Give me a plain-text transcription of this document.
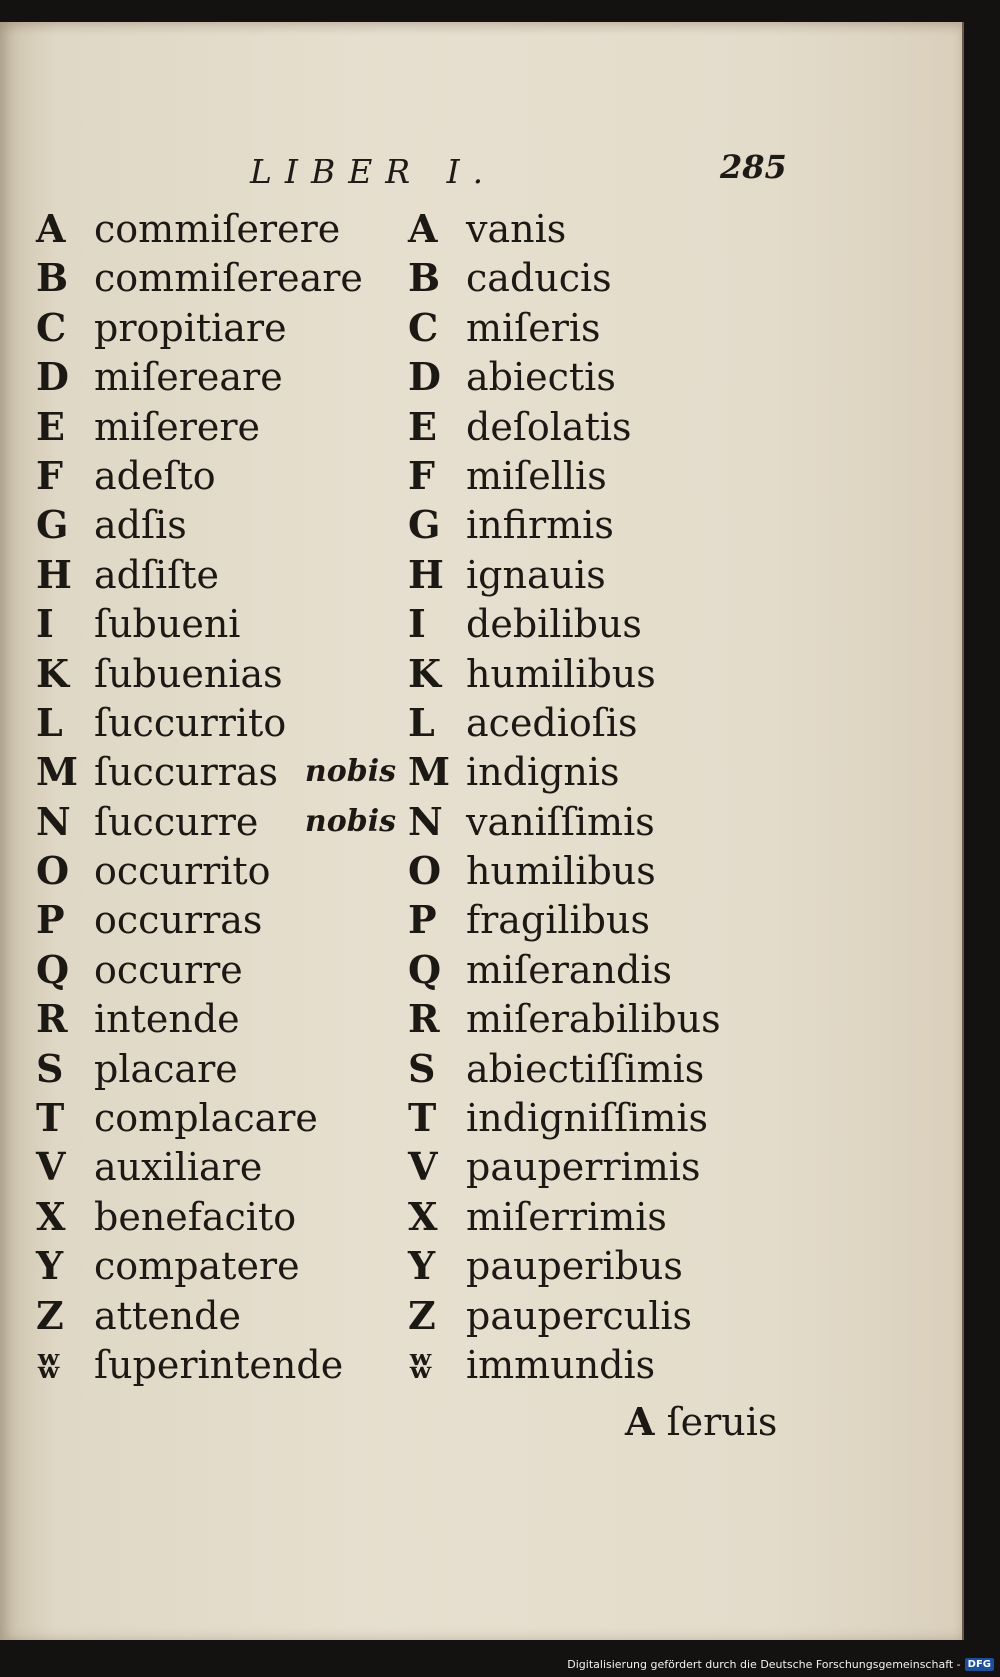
LIBER I.	285
A commiſerere
B commiſereare
C propitiare
D miſereare
E miſerere
F adeſto
G adſis
H adſiſte
I ſubueni
K ſubuenias
L ſuccurrito
M ſuccurras nobis
N ſuccurre nobis
O occurrito
P occurras
Q occurre
R intende
S placare
T complacare
V auxiliare
X benefacito
Y compatere
Z attende
ʬ ſuperintende
A vanis
B caducis
C miſeris
D abiectis
E deſolatis
F miſellis
G infirmis
H ignauis
I debilibus
K humilibus
L acedioſis
M indignis
N vaniſſimis
O humilibus
P fragilibus
Q miſerandis
R miſerabilibus
S abiectiſſimis
T indigniſſimis
V pauperrimis
X miſerrimis
Y pauperibus
Z pauperculis
ʬ immundis
A ſeruis
Digitalisierung gefördert durch die Deutsche Forschungsgemeinschaft - DFG
